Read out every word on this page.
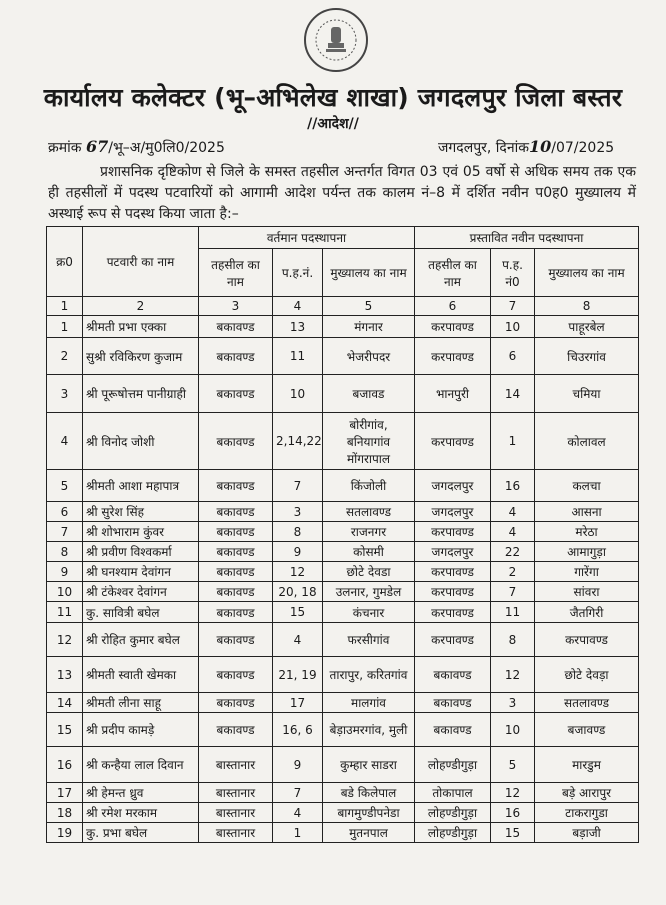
कार्यालय कलेक्टर (भू–अभिलेख शाखा) जगदलपुर जिला बस्तर
//आदेश//
क्रमांक 67/भू–अ/मु0लि0/2025	जगदलपुर, दिनांक10/07/2025
प्रशासनिक दृष्टिकोण से जिले के समस्त तहसील अन्तर्गत विगत 03 एवं 05 वर्षो से अधिक समय तक एक ही तहसीलों में पदस्थ पटवारियों को आगामी आदेश पर्यन्त तक कालम नं–8 में दर्शित नवीन प0ह0 मुख्यालय में अस्थाई रूप से पदस्थ किया जाता है:–
क्र0	पटवारी का नाम	वर्तमान पदस्थापना			प्रस्तावित नवीन पदस्थापना		
		तहसील का नाम	प.ह.नं.	मुख्यालय का नाम	तहसील का नाम	प.ह. नं0	मुख्यालय का नाम
1	2	3	4	5	6	7	8
1	श्रीमती प्रभा एक्का	बकावण्ड	13	मंगनार	करपावण्ड	10	पाहूरबेल
2	सुश्री रविकिरण कुजाम	बकावण्ड	11	भेजरीपदर	करपावण्ड	6	चिउरगांव
3	श्री पूरूषोत्तम पानीग्राही	बकावण्ड	10	बजावड	भानपुरी	14	चमिया
4	श्री विनोद जोशी	बकावण्ड	2,14,22	बोरीगांव, बनियागांव मोंगरापाल	करपावण्ड	1	कोलावल
5	श्रीमती आशा महापात्र	बकावण्ड	7	किंजोली	जगदलपुर	16	कलचा
6	श्री सुरेश सिंह	बकावण्ड	3	सतलावण्ड	जगदलपुर	4	आसना
7	श्री शोभाराम कुंवर	बकावण्ड	8	राजनगर	करपावण्ड	4	मरेठा
8	श्री प्रवीण विश्वकर्मा	बकावण्ड	9	कोसमी	जगदलपुर	22	आमागुड़ा
9	श्री घनश्याम देवांगन	बकावण्ड	12	छोटे देवडा	करपावण्ड	2	गारेंगा
10	श्री टंकेश्वर देवांगन	बकावण्ड	20, 18	उलनार, गुमडेल	करपावण्ड	7	सांवरा
11	कु. सावित्री बघेल	बकावण्ड	15	कंचनार	करपावण्ड	11	जैतगिरी
12	श्री रोहित कुमार बघेल	बकावण्ड	4	फरसीगांव	करपावण्ड	8	करपावण्ड
13	श्रीमती स्वाती खेमका	बकावण्ड	21, 19	तारापुर, करितगांव	बकावण्ड	12	छोटे देवड़ा
14	श्रीमती लीना साहू	बकावण्ड	17	मालगांव	बकावण्ड	3	सतलावण्ड
15	श्री प्रदीप कामड़े	बकावण्ड	16, 6	बेड़ाउमरगांव, मुली	बकावण्ड	10	बजावण्ड
16	श्री कन्हैया लाल दिवान	बास्तानार	9	कुम्हार साडरा	लोहण्डीगुड़ा	5	मारडुम
17	श्री हेमन्त ध्रुव	बास्तानार	7	बडे किलेपाल	तोकापाल	12	बड़े आरापुर
18	श्री रमेश मरकाम	बास्तानार	4	बागमुण्डीपनेडा	लोहण्डीगुड़ा	16	टाकरागुडा
19	कु. प्रभा बघेल	बास्तानार	1	मुतनपाल	लोहण्डीगुड़ा	15	बड़ाजी
